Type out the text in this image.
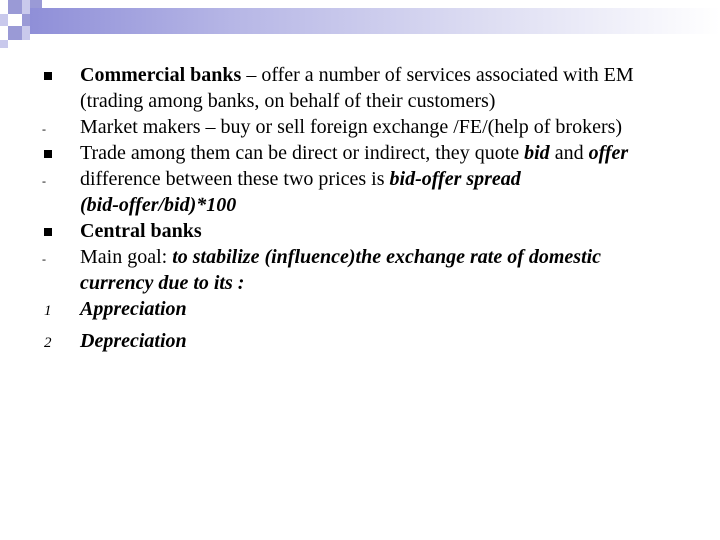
Commercial banks – offer a number of services associated with EM (trading among banks, on behalf of their customers)
-	Market makers – buy or sell foreign exchange /FE/(help of brokers)
Trade among them can be direct or indirect, they quote bid and offer
-	difference between these two prices is bid-offer spread
(bid-offer/bid)*100
Central banks
-	Main goal: to stabilize (influence)the exchange rate of domestic currency due to its :
1	Appreciation
2	Depreciation
